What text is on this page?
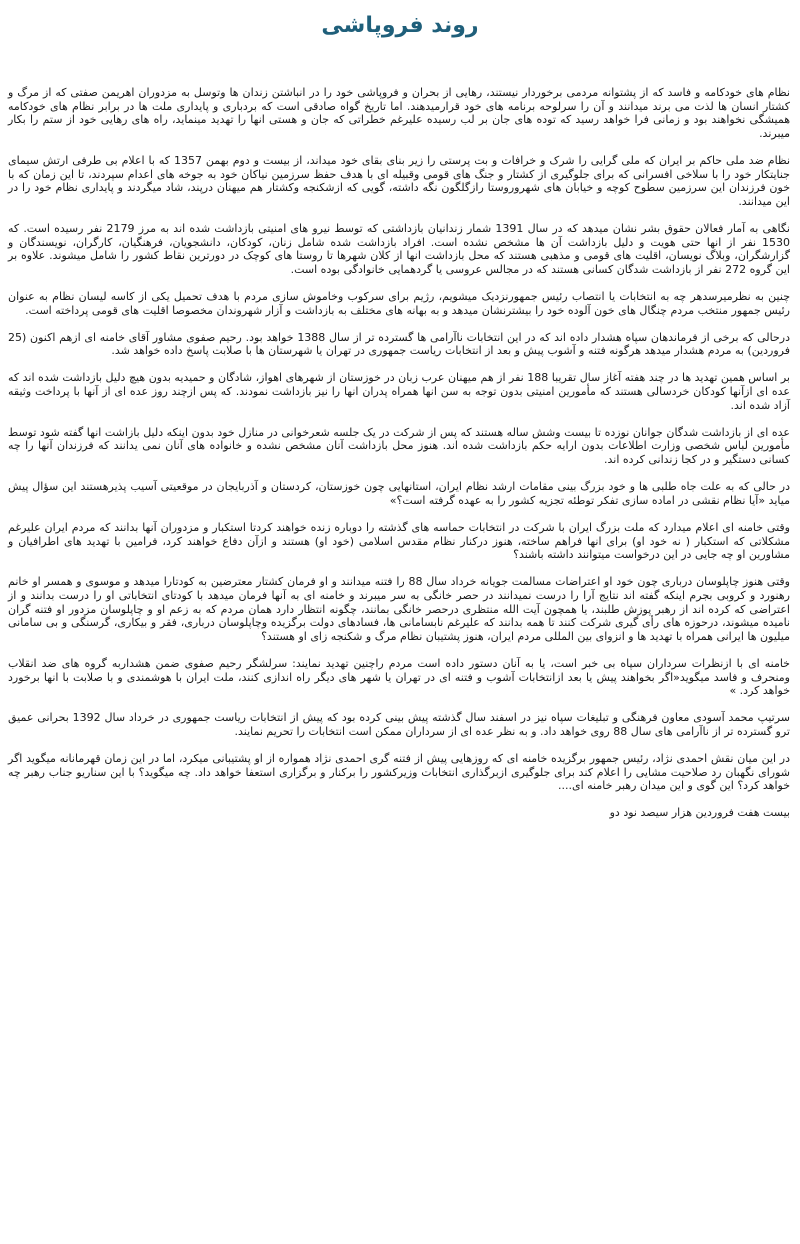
روند فروپاشی

نظام های خودکامه و فاسد که از پشتوانه مردمی برخوردار نیستند، رهایی از بحران و فروپاشی خود را در انباشتن زندان ها وتوسل به مزدوران اهریمن صفتی که از مرگ و کشتار انسان ها لذت می برند میدانند و آن را سرلوحه برنامه های خود قرارمیدهند. اما تاریخ گواه صادقی است که بردباری و پایداری ملت ها در برابر نظام های خودکامه همیشگی نخواهند بود و زمانی فرا خواهد رسید که توده های جان بر لب رسیده علیرغم خطراتی که جان و هستی انها را تهدید مینماید، راه های رهایی خود از ستم را بکار میبرند.

نظام ضد ملی حاکم بر ایران که ملی گرایی را شرک و خرافات و بت پرستی را زیر بنای بقای خود میداند، از بیست و دوم بهمن 1357 که با اعلام بی طرفی ارتش سیمای جنایتکار خود را با سلاخی افسرانی که برای جلوگیری از کشتار و جنگ های قومی وقبیله ای با هدف حفظ سرزمین نیاکان خود به جوخه های اعدام سپردند، تا این زمان که با خون فرزندان این سرزمین سطوح کوچه و خیابان های شهروروستا رازگلگون نگه داشته، گویی که ازشکنجه وکشتار هم میهنان درپند، شاد میگردند و پایداری نظام خود را در این میدانند.

نگاهی به آمار فعالان حقوق بشر نشان میدهد که در سال 1391 شمار زندانیان بازداشتی که توسط نیرو های امنیتی بازداشت شده اند به مرز 2179 نفر رسیده است. که 1530 نفر از انها حتی هویت و دلیل بازداشت آن ها مشخص نشده است. افراد بازداشت شده شامل زنان، کودکان، دانشجویان، فرهنگیان، کارگران، نویسندگان و گزارشگران، وبلاگ نویسان، اقلیت های قومی و مذهبی هستند که محل بازداشت انها از کلان شهرها تا روستا های کوچک در دورترین نقاط کشور را شامل میشوند. علاوه بر این گروه 272 نفر از بازداشت شدگان کسانی هستند که در مجالس عروسی یا گردهمایی خانوادگی بوده است.

چنین به نظرمیرسدهر چه به انتخابات یا انتصاب رئیس جمهورنزدیک میشویم، رژیم برای سرکوب وخاموش سازی مردم با هدف تحمیل یکی از کاسه لیسان نظام به عنوان رئیس جمهور منتخب مردم چنگال های خون آلوده خود را بیشترنشان میدهد و به بهانه های مختلف به بازداشت و آزار شهروندان مخصوصا اقلیت های قومی پرداخته است.

درحالی که برخی از فرماندهان سپاه هشدار داده اند که در این انتخابات ناآرامی ها گسترده تر از سال 1388 خواهد بود. رحیم صفوی مشاور آقای خامنه ای ازهم اکنون (25 فروردین) به مردم هشدار میدهد هرگونه فتنه و آشوب پیش و بعد از انتخابات ریاست جمهوری در تهران یا شهرستان ها با صلابت پاسخ داده خواهد شد.

بر اساس همین تهدید ها در چند هفته آغاز سال تقریبا 188 نفر از هم میهنان عرب زبان در خوزستان از شهرهای اهواز، شادگان و حمیدیه بدون هیچ دلیل بازداشت شده اند که عده ای ازآنها کودکان خردسالی هستند که مأمورین امنیتی بدون توجه به سن انها همراه پدران انها را نیز بازداشت نمودند. که پس ازچند روز عده ای از آنها با پرداخت وثیقه آزاد شده اند.

عده ای از بازداشت شدگان جوانان نوزده تا بیست وشش ساله هستند که پس از شرکت در یک جلسه شعرخوانی در منازل خود بدون اینکه دلیل بازاشت انها گفته شود توسط مأمورین لباس شخصی وزارت اطلاعات بدون ارایه حکم بازداشت شده اند. هنوز محل بازداشت آنان مشخص نشده و خانواده های آنان نمی یدانند که فرزندان آنها را چه کسانی دستگیر و در کجا زندانی کرده اند.

در حالی که به علت جاه طلبی ها و خود بزرگ بینی مقامات ارشد نظام ایران، استانهایی چون خوزستان، کردستان و آذربایجان در موقعیتی آسیب پذیرهستند این سؤال پیش میاید «آیا نظام نقشی در اماده سازی تفکر توطئه تجزیه کشور را به عهده گرفته است؟»

وقتی خامنه ای اعلام میدارد که ملت بزرگ ایران با شرکت در انتخابات حماسه های گذشته را دوباره زنده خواهند کردتا استکبار و مزدوران آنها بدانند که مردم ایران علیرغم مشکلاتی که استکبار ( نه خود او) برای انها فراهم ساخته، هنوز درکنار نظام مقدس اسلامی (خود او) هستند و ازآن دفاع خواهند کرد، فرامین با تهدید های اطرافیان و مشاورین او چه جایی در این درخواست میتوانند داشته باشند؟

وقتی هنوز چاپلوسان درباری چون خود او اعتراضات مسالمت جویانه خرداد سال 88 را فتنه میدانند و او فرمان کشتار معترضین به کودتارا میدهد و موسوی و همسر او خانم رهنورد و کروبی بجرم اینکه گفته اند نتایج آرا را درست نمیدانند در حصر خانگی به سر میبرند و خامنه ای به آنها فرمان میدهد با کودتای انتخاباتی او را درست بدانند و از اعتراضی که کرده اند از رهبر پوزش طلبند، یا همچون آیت الله منتظری درحصر خانگی بمانند، چگونه انتظار دارد همان مردم که به زعم او و چاپلوسان مزدور او فتنه گران نامیده میشوند، درحوزه های رأی گیری شرکت کنند تا همه بدانند که علیرغم نابسامانی ها، فسادهای دولت برگزیده وچاپلوسان درباری، فقر و بیکاری، گرسنگی و بی سامانی میلیون ها ایرانی همراه با تهدید ها و انزوای بین المللی مردم ایران، هنوز پشتیبان نظام مرگ و شکنجه زای او هستند؟

خامنه ای با ازنظرات سرداران سپاه بی خبر است، یا به آنان دستور داده است مردم راچنین تهدید نمایند: سرلشگر رحیم صفوی ضمن هشداربه گروه های ضد انقلاب ومنحرف و فاسد میگوید«اگر بخواهند پیش یا بعد ازانتخابات آشوب و فتنه ای در تهران یا شهر های دیگر راه اندازی کنند، ملت ایران با هوشمندی و با صلابت با انها برخورد خواهد کرد. »

سرتیپ محمد آسودی معاون فرهنگی و تبلیغات سپاه نیز در اسفند سال گذشته پیش بینی کرده بود که پیش از انتخابات ریاست جمهوری در خرداد سال 1392 بحرانی عمیق ترو گسترده تر از ناآرامی های سال 88 روی خواهد داد. و به نظر عده ای از سرداران ممکن است انتخابات را تحریم نمایند.

در این میان نقش احمدی نژاد، رئیس جمهور برگزیده خامنه ای که روزهایی پیش از فتنه گری احمدی نژاد همواره از او پشتیبانی میکرد، اما در این زمان قهرمانانه میگوید اگر شورای نگهبان رد صلاحیت مشایی را اعلام کند برای جلوگیری ازبرگذاری انتخابات وزیرکشور را برکنار و برگزاری استعفا خواهد داد. چه میگوید؟ با این سناریو جناب رهبر چه خواهد کرد؟ این گوی و این میدان رهبر خامنه ای....

بیست هفت فروردین هزار سیصد نود دو
